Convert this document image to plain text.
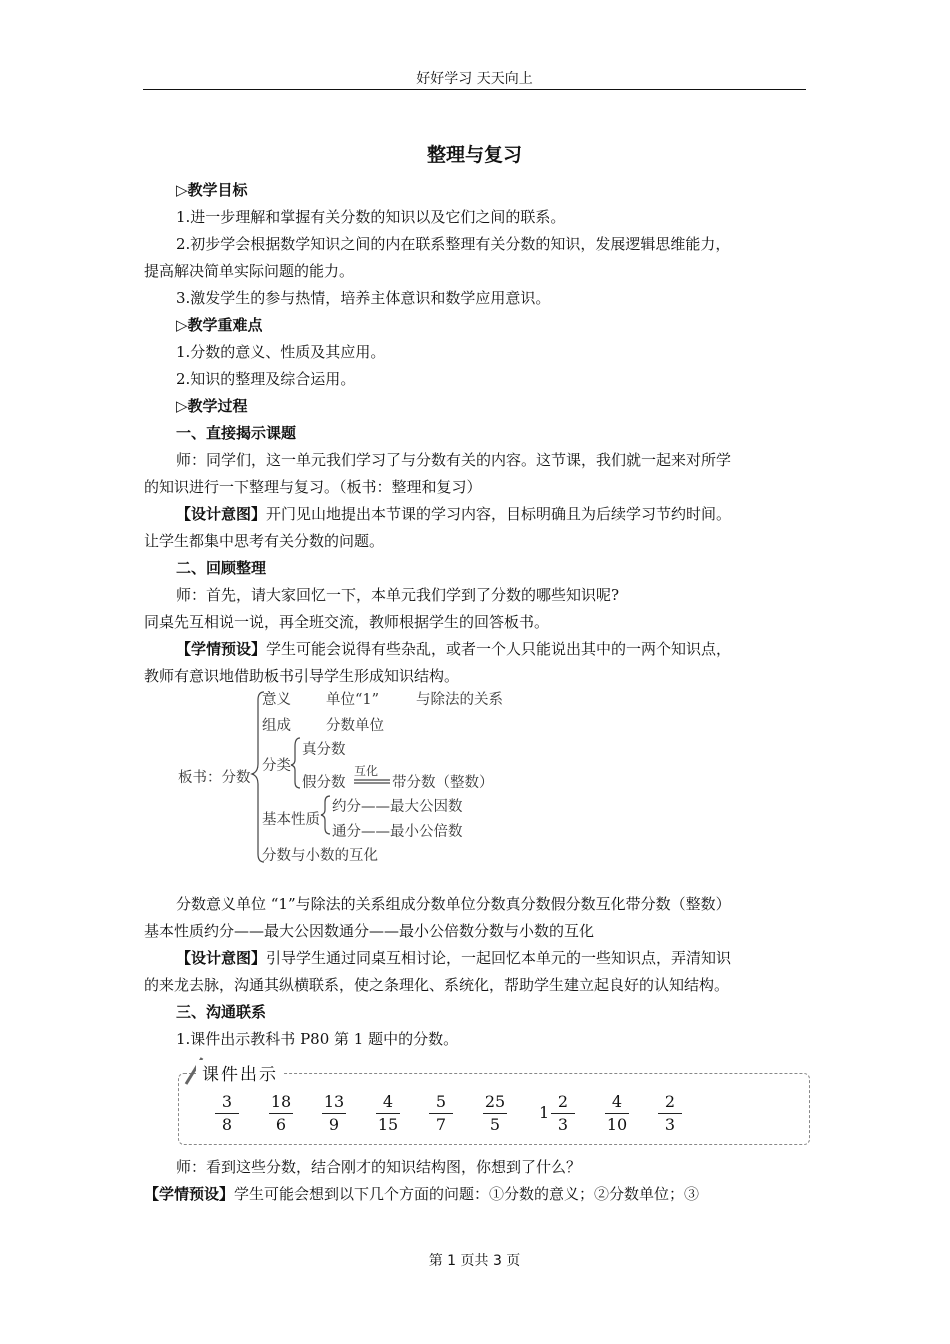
好好学习 天天向上
整理与复习
▷教学目标
1.进一步理解和掌握有关分数的知识以及它们之间的联系。
2.初步学会根据数学知识之间的内在联系整理有关分数的知识，发展逻辑思维能力，
提高解决简单实际问题的能力。
3.激发学生的参与热情，培养主体意识和数学应用意识。
▷教学重难点
1.分数的意义、性质及其应用。
2.知识的整理及综合运用。
▷教学过程
一、直接揭示课题
师：同学们，这一单元我们学习了与分数有关的内容。这节课，我们就一起来对所学
的知识进行一下整理与复习。（板书：整理和复习）
【设计意图】开门见山地提出本节课的学习内容，目标明确且为后续学习节约时间。
让学生都集中思考有关分数的问题。
二、回顾整理
师：首先，请大家回忆一下，本单元我们学到了分数的哪些知识呢?
同桌先互相说一说，再全班交流，教师根据学生的回答板书。
【学情预设】学生可能会说得有些杂乱，或者一个人只能说出其中的一两个知识点，
教师有意识地借助板书引导学生形成知识结构。
板书：分数
意义 单位“1”	与除法的关系
组成 分数单位
分类
真分数
假分数
互化
带分数（整数）
基本性质
约分——最大公因数
通分——最小公倍数
分数与小数的互化
分数意义单位 “1”与除法的关系组成分数单位分数真分数假分数互化带分数（整数）
基本性质约分——最大公因数通分——最小公倍数分数与小数的互化
【设计意图】引导学生通过同桌互相讨论，一起回忆本单元的一些知识点，弄清知识
的来龙去脉，沟通其纵横联系，使之条理化、系统化，帮助学生建立起良好的认知结构。
三、沟通联系
1.课件出示教科书 P80 第 1 题中的分数。
课件出示
3
8
18
6
13
9
4
15
5
7
25
5
1
2
3
4
10
2
3
师：看到这些分数，结合刚才的知识结构图，你想到了什么？
【学情预设】学生可能会想到以下几个方面的问题：①分数的意义；②分数单位；③
第 1 页共 3 页
